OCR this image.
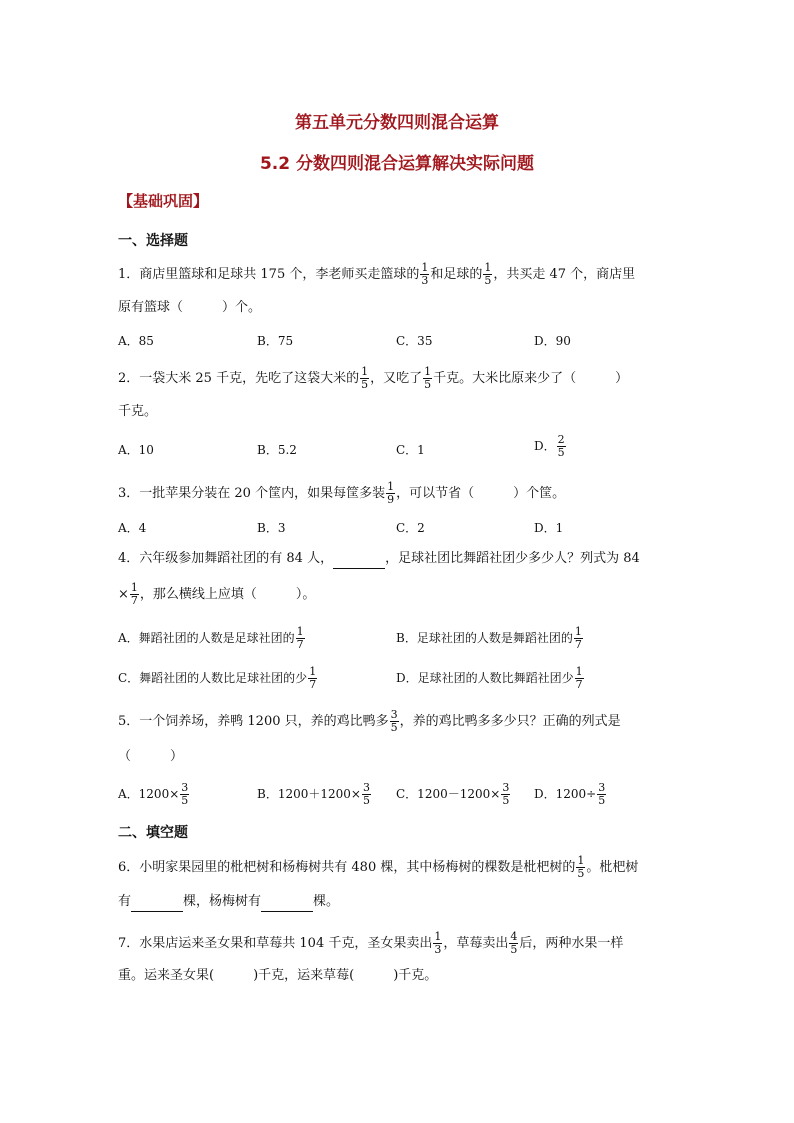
第五单元分数四则混合运算
5.2 分数四则混合运算解决实际问题
【基础巩固】
一、选择题
1．商店里篮球和足球共 175 个，李老师买走篮球的 $\frac{1}{3}$ 和足球的 $\frac{1}{5}$ ，共买走 47 个，商店里
原有篮球（　　　）个。
A．85	B．75	C．35	D．90
2．一袋大米 25 千克，先吃了这袋大米的 $\frac{1}{5}$ ，又吃了 $\frac{1}{5}$ 千克。大米比原来少了（　　　）
千克。
A．10	B．5.2	C．1	D． $\frac{2}{5}$
3．一批苹果分装在 20 个筐内，如果每筐多装 $\frac{1}{9}$ ，可以节省（　　　）个筐。
A．4	B．3	C．2	D．1
4．六年级参加舞蹈社团的有 84 人，	，足球社团比舞蹈社团少多少人？列式为 84
× $\frac{1}{7}$ ，那么横线上应填（　　　）。
A．舞蹈社团的人数是足球社团的 $\frac{1}{7}$	B．足球社团的人数是舞蹈社团的 $\frac{1}{7}$
C．舞蹈社团的人数比足球社团的少 $\frac{1}{7}$	D．足球社团的人数比舞蹈社团少 $\frac{1}{7}$
5．一个饲养场，养鸭 1200 只，养的鸡比鸭多 $\frac{3}{5}$ ，养的鸡比鸭多多少只？正确的列式是
（　　　）
A．$1200\times \frac{3}{5}$	B．$1200+1200\times \frac{3}{5}$ C．$1200-1200\times \frac{3}{5}$ D．$1200\div \frac{3}{5}$
二、填空题
6．小明家果园里的枇杷树和杨梅树共有 480 棵，其中杨梅树的棵数是枇杷树的 $\frac{1}{5}$ 。枇杷树
有	棵，杨梅树有	棵。
7．水果店运来圣女果和草莓共 104 千克，圣女果卖出 $\frac{1}{3}$ ，草莓卖出 $\frac{4}{5}$ 后，两种水果一样
重。运来圣女果(　　　)千克，运来草莓(　　　)千克。
